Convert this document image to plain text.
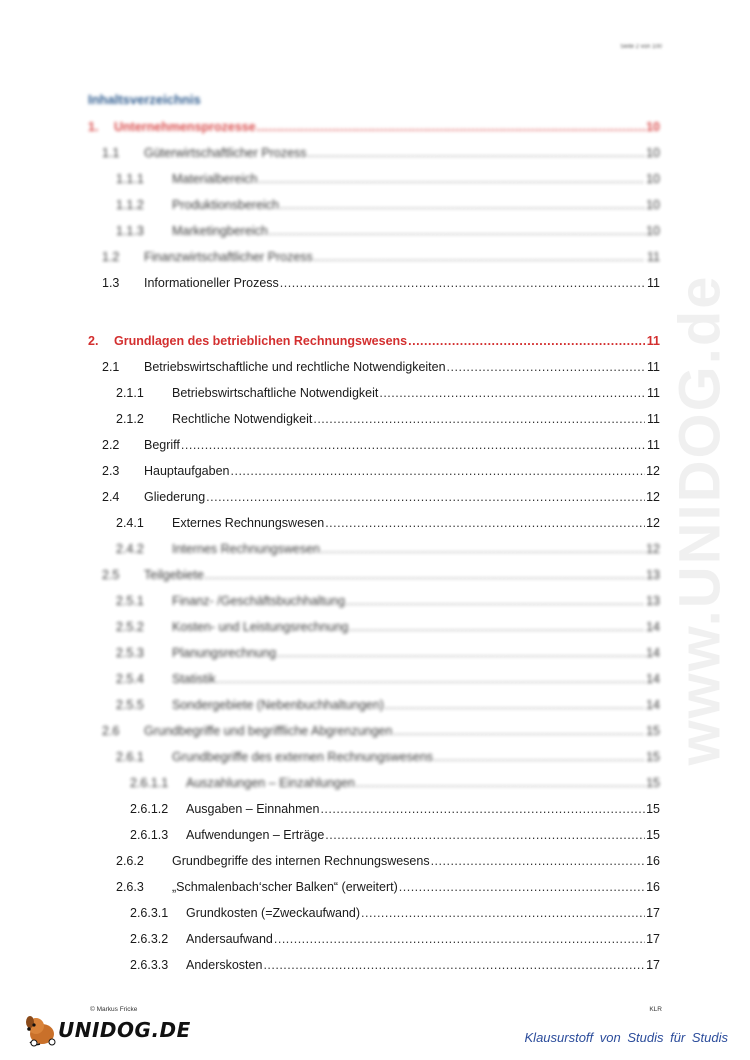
Seite 2 von 100
Inhaltsverzeichnis
www.UNIDOG.de
1.	Unternehmensprozesse .....	10
1.1	Güterwirtschaftlicher Prozess .....	10
1.1.1	Materialbereich .....	10
1.1.2	Produktionsbereich .....	10
1.1.3	Marketingbereich .....	10
1.2	Finanzwirtschaftlicher Prozess .....	11
1.3	Informationeller Prozess .....	11
2.	Grundlagen des betrieblichen Rechnungswesens .....	11
2.1	Betriebswirtschaftliche und rechtliche Notwendigkeiten .....	11
2.1.1	Betriebswirtschaftliche Notwendigkeit .....	11
2.1.2	Rechtliche Notwendigkeit .....	11
2.2	Begriff .....	11
2.3	Hauptaufgaben .....	12
2.4	Gliederung .....	12
2.4.1	Externes Rechnungswesen .....	12
2.4.2	Internes Rechnungswesen .....	12
2.5	Teilgebiete .....	13
2.5.1	Finanz- /Geschäftsbuchhaltung .....	13
2.5.2	Kosten- und Leistungsrechnung .....	14
2.5.3	Planungsrechnung .....	14
2.5.4	Statistik .....	14
2.5.5	Sondergebiete (Nebenbuchhaltungen) .....	14
2.6	Grundbegriffe und begriffliche Abgrenzungen .....	15
2.6.1	Grundbegriffe des externen Rechnungswesens .....	15
2.6.1.1	Auszahlungen – Einzahlungen .....	15
2.6.1.2	Ausgaben – Einnahmen .....	15
2.6.1.3	Aufwendungen – Erträge .....	15
2.6.2	Grundbegriffe des internen Rechnungswesens .....	16
2.6.3	„Schmalenbach‘scher Balken“ (erweitert) .....	16
2.6.3.1	Grundkosten (=Zweckaufwand) .....	17
2.6.3.2	Andersaufwand .....	17
2.6.3.3	Anderskosten .....	17
© Markus Fricke	KLR
UNIDOG.DE	Klausurstoff von Studis für Studis
